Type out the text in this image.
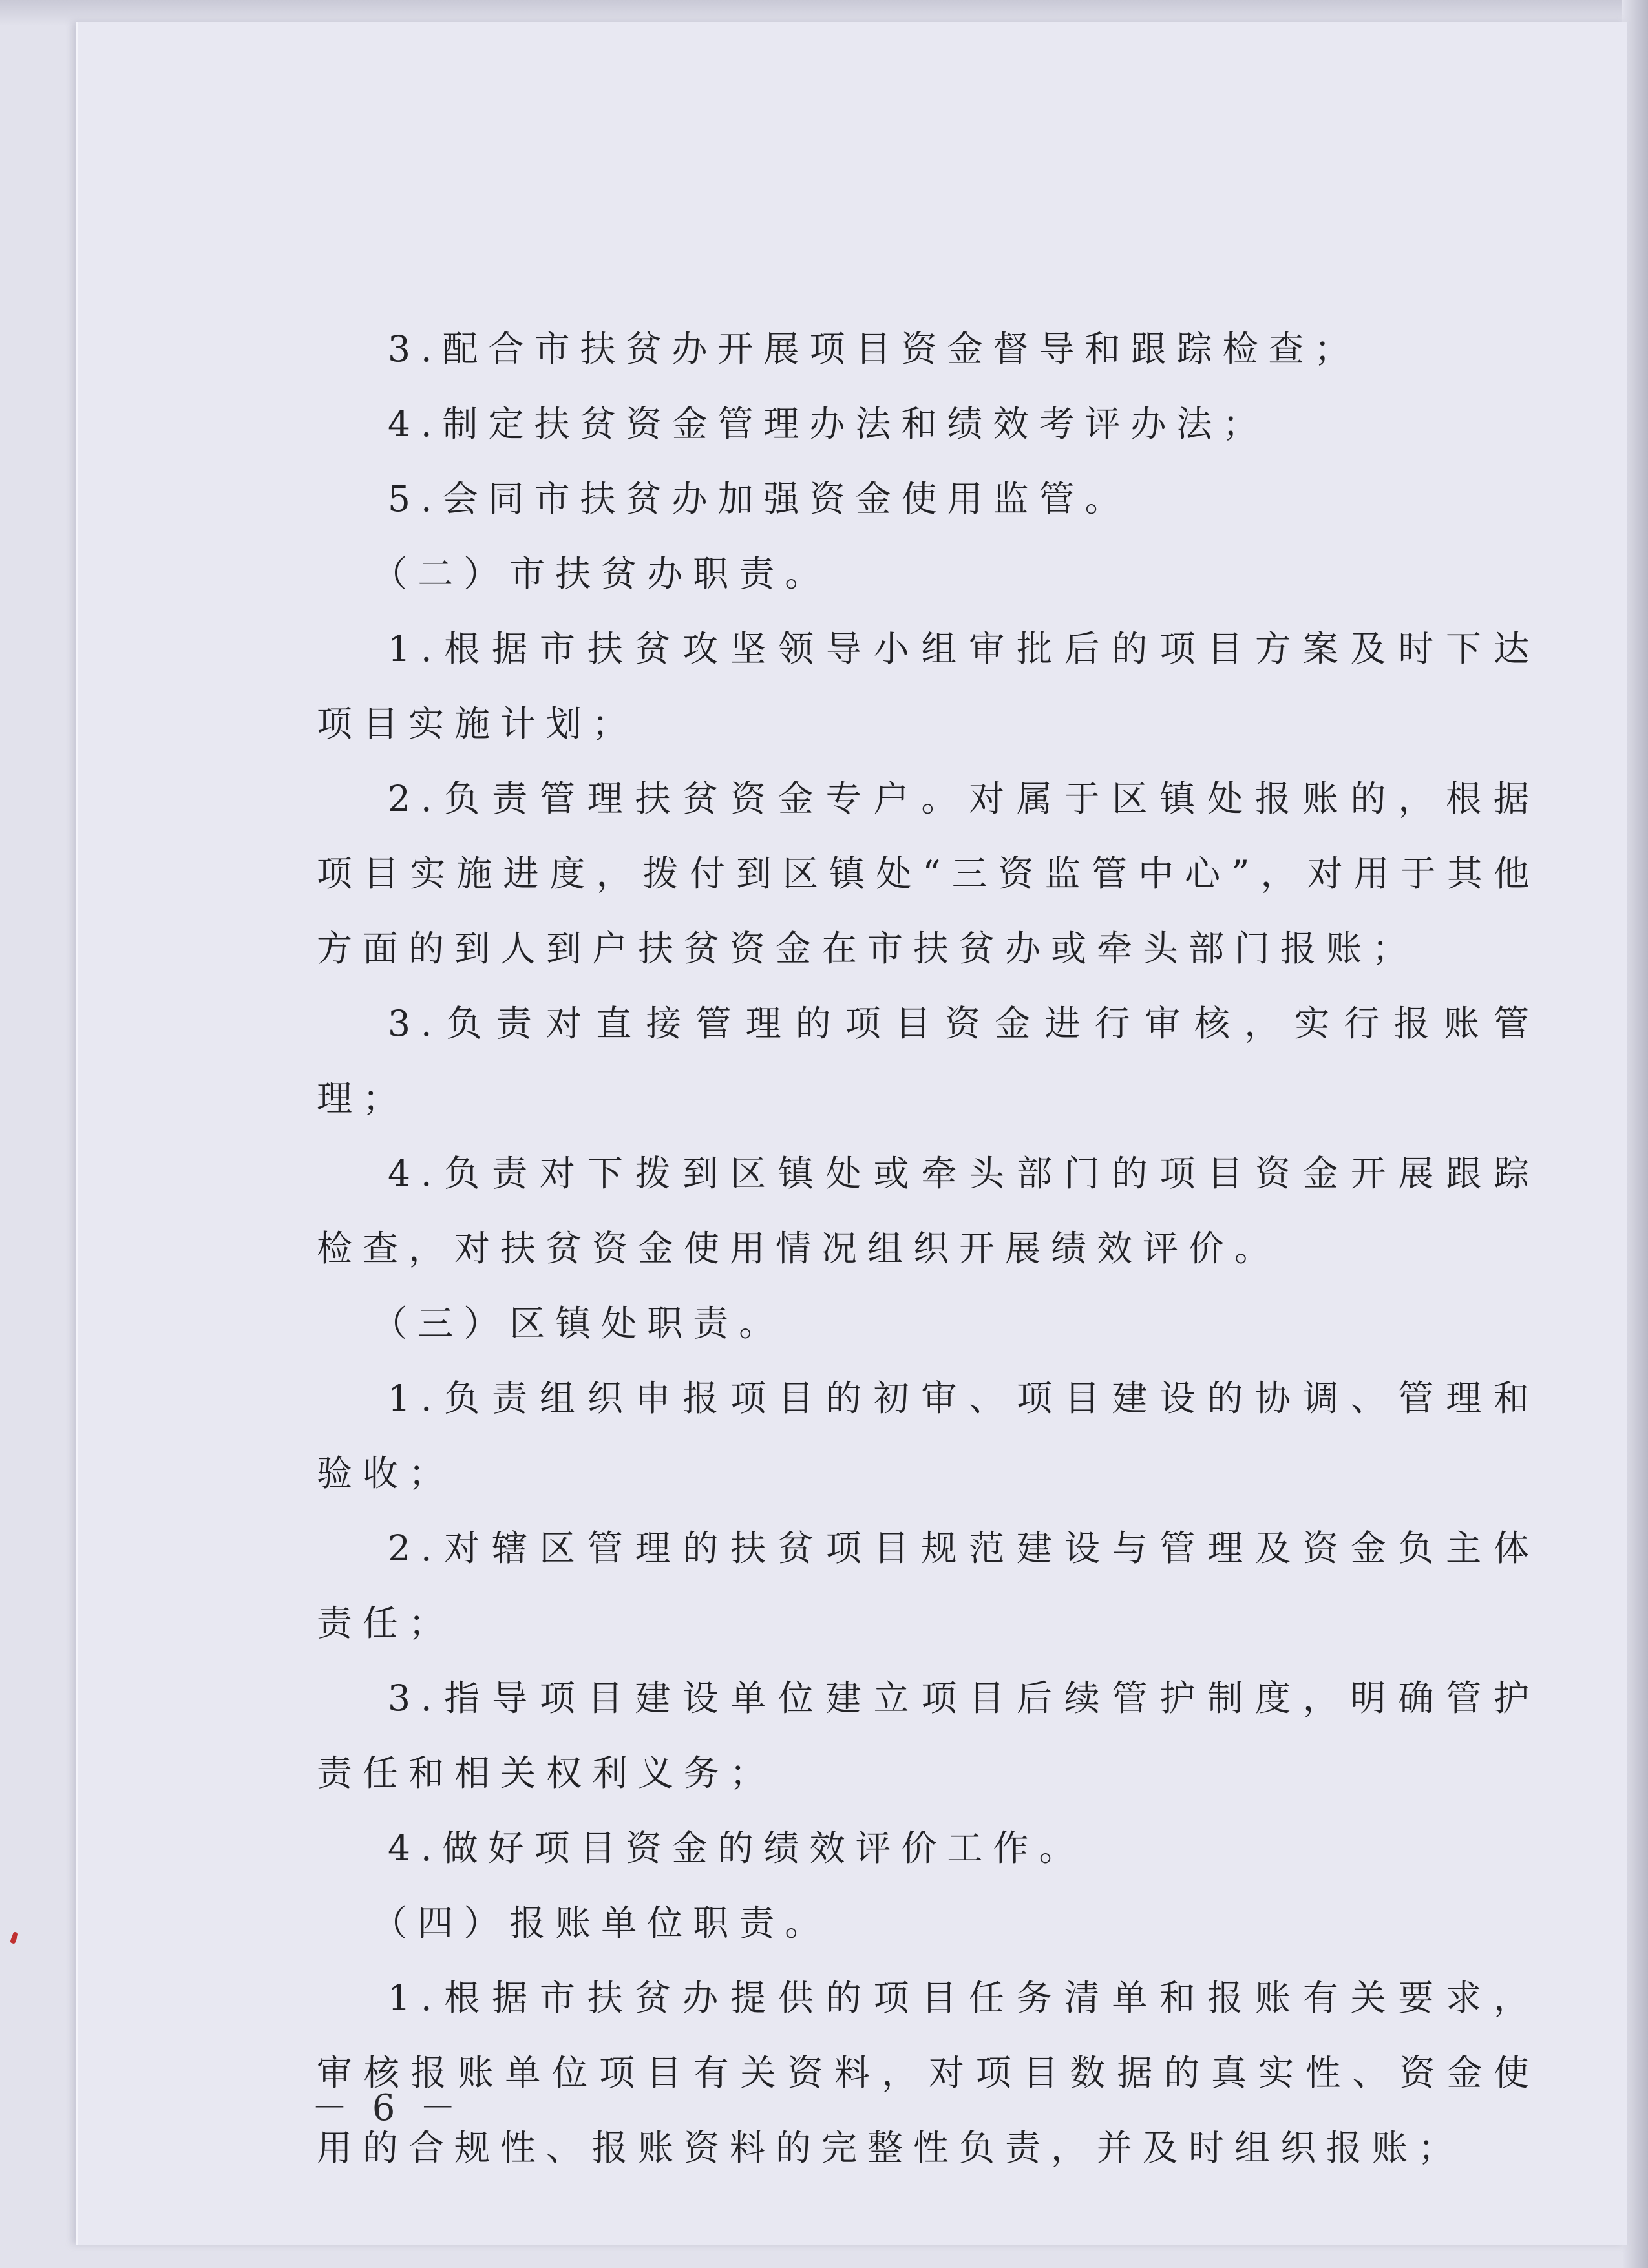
3.配合市扶贫办开展项目资金督导和跟踪检查；

4.制定扶贫资金管理办法和绩效考评办法；

5.会同市扶贫办加强资金使用监管。

（二）市扶贫办职责。

1.根据市扶贫攻坚领导小组审批后的项目方案及时下达项目实施计划；

2.负责管理扶贫资金专户。对属于区镇处报账的，根据项目实施进度，拨付到区镇处“三资监管中心”，对用于其他方面的到人到户扶贫资金在市扶贫办或牵头部门报账；

3.负责对直接管理的项目资金进行审核，实行报账管理；

4.负责对下拨到区镇处或牵头部门的项目资金开展跟踪检查，对扶贫资金使用情况组织开展绩效评价。

（三）区镇处职责。

1.负责组织申报项目的初审、项目建设的协调、管理和验收；

2.对辖区管理的扶贫项目规范建设与管理及资金负主体责任；

3.指导项目建设单位建立项目后续管护制度，明确管护责任和相关权利义务；

4.做好项目资金的绩效评价工作。

（四）报账单位职责。

1.根据市扶贫办提供的项目任务清单和报账有关要求，审核报账单位项目有关资料，对项目数据的真实性、资金使用的合规性、报账资料的完整性负责，并及时组织报账；

－ 6 －
